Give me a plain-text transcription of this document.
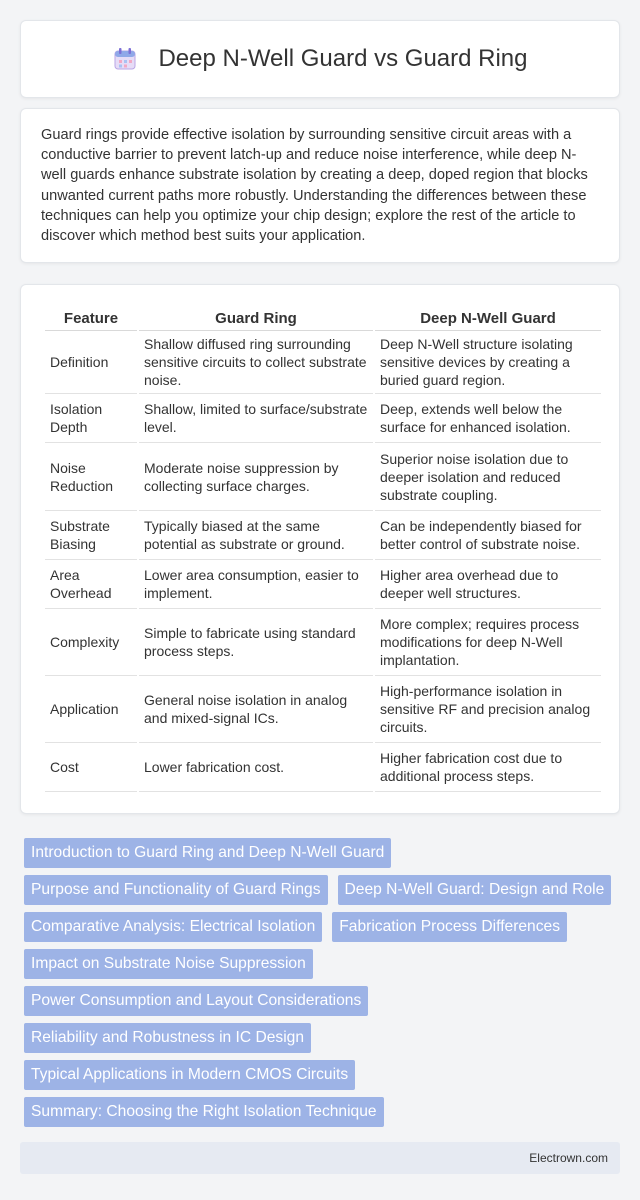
Deep N-Well Guard vs Guard Ring

Guard rings provide effective isolation by surrounding sensitive circuit areas with a conductive barrier to prevent latch-up and reduce noise interference, while deep N-well guards enhance substrate isolation by creating a deep, doped region that blocks unwanted current paths more robustly. Understanding the differences between these techniques can help you optimize your chip design; explore the rest of the article to discover which method best suits your application.

Feature	Guard Ring	Deep N-Well Guard
Definition	Shallow diffused ring surrounding sensitive circuits to collect substrate noise.	Deep N-Well structure isolating sensitive devices by creating a buried guard region.
Isolation Depth	Shallow, limited to surface/substrate level.	Deep, extends well below the surface for enhanced isolation.
Noise Reduction	Moderate noise suppression by collecting surface charges.	Superior noise isolation due to deeper isolation and reduced substrate coupling.
Substrate Biasing	Typically biased at the same potential as substrate or ground.	Can be independently biased for better control of substrate noise.
Area Overhead	Lower area consumption, easier to implement.	Higher area overhead due to deeper well structures.
Complexity	Simple to fabricate using standard process steps.	More complex; requires process modifications for deep N-Well implantation.
Application	General noise isolation in analog and mixed-signal ICs.	High-performance isolation in sensitive RF and precision analog circuits.
Cost	Lower fabrication cost.	Higher fabrication cost due to additional process steps.
Introduction to Guard Ring and Deep N-Well Guard
Purpose and Functionality of Guard Rings	Deep N-Well Guard: Design and Role
Comparative Analysis: Electrical Isolation	Fabrication Process Differences
Impact on Substrate Noise Suppression
Power Consumption and Layout Considerations
Reliability and Robustness in IC Design
Typical Applications in Modern CMOS Circuits
Summary: Choosing the Right Isolation Technique
Electrown.com
